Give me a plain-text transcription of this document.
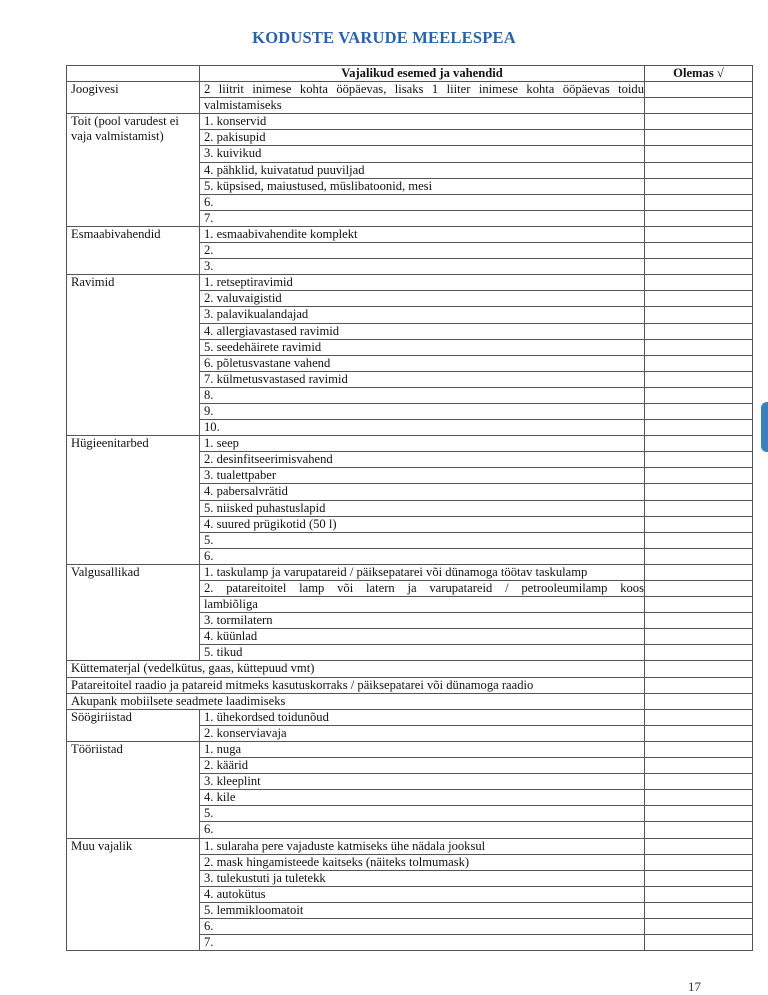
KODUSTE VARUDE MEELESPEA
	Vajalikud esemed ja vahendid	Olemas √
Joogivesi	2 liitrit inimese kohta ööpäevas, lisaks 1 liiter inimese kohta ööpäevas toidu	
	valmistamiseks	
Toit (pool varudest ei vaja valmistamist)	1. konservid	
	2. pakisupid	
	3. kuivikud	
	4. pähklid, kuivatatud puuviljad	
	5. küpsised, maiustused, müslibatoonid, mesi	
	6.	
	7.	
Esmaabivahendid	1. esmaabivahendite komplekt	
	2.	
	3.	
Ravimid	1. retseptiravimid	
	2. valuvaigistid	
	3. palavikualandajad	
	4. allergiavastased ravimid	
	5. seedehäirete ravimid	
	6. põletusvastane vahend	
	7. külmetusvastased ravimid	
	8.	
	9.	
	10.	
Hügieenitarbed	1. seep	
	2. desinfitseerimisvahend	
	3. tualettpaber	
	4. pabersalvrätid	
	5. niisked puhastuslapid	
	4. suured prügikotid (50 l)	
	5.	
	6.	
Valgusallikad	1. taskulamp ja varupatareid / päiksepatarei või dünamoga töötav taskulamp	
	2. patareitoitel lamp või latern ja varupatareid / petrooleumilamp koos	
	lambiõliga	
	3. tormilatern	
	4. küünlad	
	5. tikud	
Küttematerjal (vedelkütus, gaas, küttepuud vmt)		
Patareitoitel raadio ja patareid mitmeks kasutuskorraks / päiksepatarei või dünamoga raadio		
Akupank mobiilsete seadmete laadimiseks		
Söögiriistad	1. ühekordsed toidunõud	
	2. konserviavaja	
Tööriistad	1. nuga	
	2. käärid	
	3. kleeplint	
	4. kile	
	5.	
	6.	
Muu vajalik	1. sularaha pere vajaduste katmiseks ühe nädala jooksul	
	2. mask hingamisteede kaitseks (näiteks tolmumask)	
	3. tulekustuti ja tuletekk	
	4. autokütus	
	5. lemmikloomatoit	
	6.	
	7.	
17
